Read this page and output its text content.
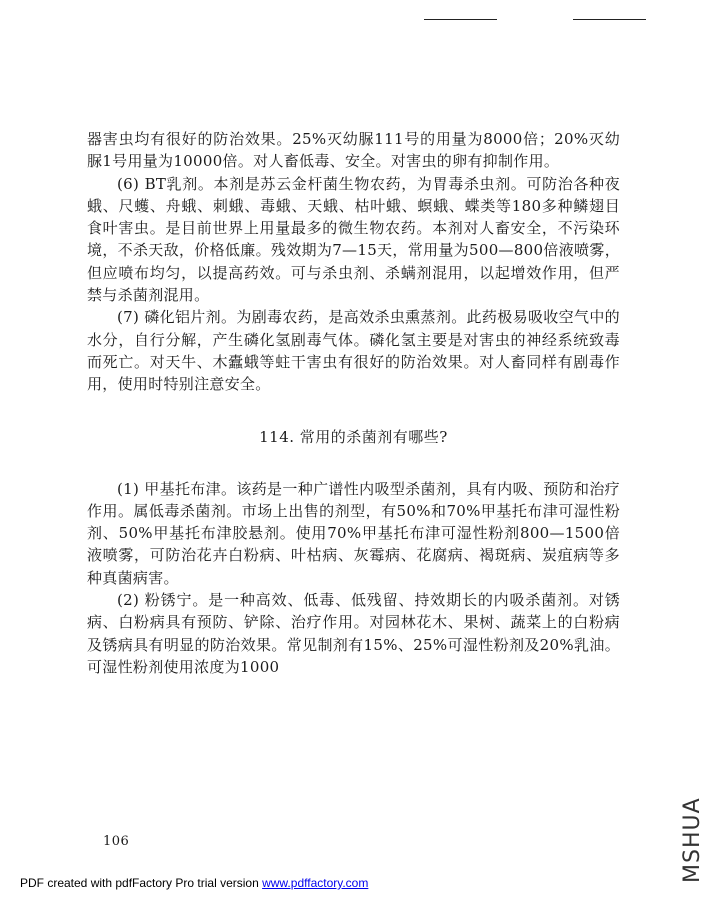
器害虫均有很好的防治效果。25%灭幼脲111号的用量为8000倍；20%灭幼脲1号用量为10000倍。对人畜低毒、安全。对害虫的卵有抑制作用。

(6) BT乳剂。本剂是苏云金杆菌生物农药，为胃毒杀虫剂。可防治各种夜蛾、尺蠖、舟蛾、刺蛾、毒蛾、天蛾、枯叶蛾、螟蛾、蝶类等180多种鳞翅目食叶害虫。是目前世界上用量最多的微生物农药。本剂对人畜安全，不污染环境，不杀天敌，价格低廉。残效期为7—15天，常用量为500—800倍液喷雾，但应喷布均匀，以提高药效。可与杀虫剂、杀螨剂混用，以起增效作用，但严禁与杀菌剂混用。

(7) 磷化铝片剂。为剧毒农药，是高效杀虫熏蒸剂。此药极易吸收空气中的水分，自行分解，产生磷化氢剧毒气体。磷化氢主要是对害虫的神经系统致毒而死亡。对天牛、木蠹蛾等蛀干害虫有很好的防治效果。对人畜同样有剧毒作用，使用时特别注意安全。

114. 常用的杀菌剂有哪些?

(1) 甲基托布津。该药是一种广谱性内吸型杀菌剂，具有内吸、预防和治疗作用。属低毒杀菌剂。市场上出售的剂型，有50%和70%甲基托布津可湿性粉剂、50%甲基托布津胶悬剂。使用70%甲基托布津可湿性粉剂800—1500倍液喷雾，可防治花卉白粉病、叶枯病、灰霉病、花腐病、褐斑病、炭疽病等多种真菌病害。

(2) 粉锈宁。是一种高效、低毒、低残留、持效期长的内吸杀菌剂。对锈病、白粉病具有预防、铲除、治疗作用。对园林花木、果树、蔬菜上的白粉病及锈病具有明显的防治效果。常见制剂有15%、25%可湿性粉剂及20%乳油。可湿性粉剂使用浓度为1000

106
PDF created with pdfFactory Pro trial version www.pdffactory.com	MSHUA
